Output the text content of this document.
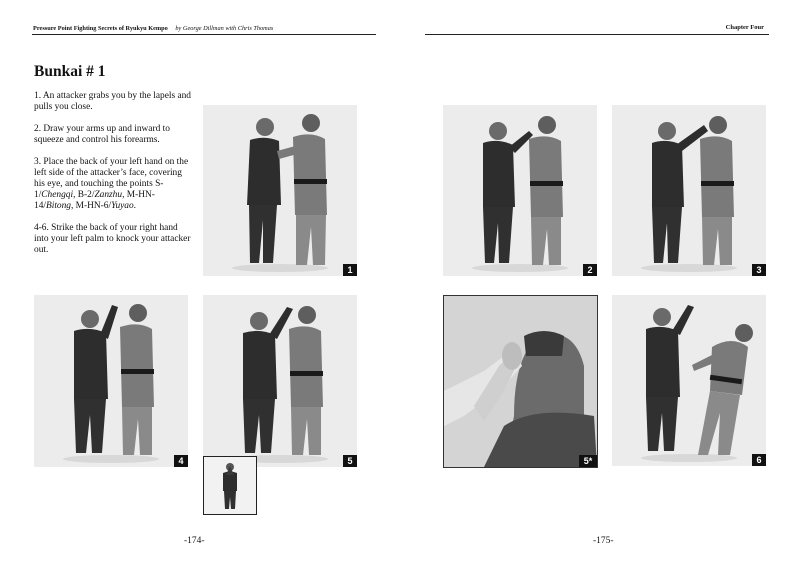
Pressure Point Fighting Secrets of Ryukyu Kempo by George Dillman with Chris Thomas	Chapter Four
Bunkai # 1

1. An attacker grabs you by the lapels and pulls you close.

2. Draw your arms up and inward to squeeze and control his forearms.

3. Place the back of your left hand on the left side of the attacker’s face, covering his eye, and touching the points S-1/Chengqi, B-2/Zanzhu, M-HN-14/Bitong, M-HN-6/Yuyao.

4-6. Strike the back of your right hand into your left palm to knock your attacker out.

1	2	3
4	5	5*	6
-174-	-175-
